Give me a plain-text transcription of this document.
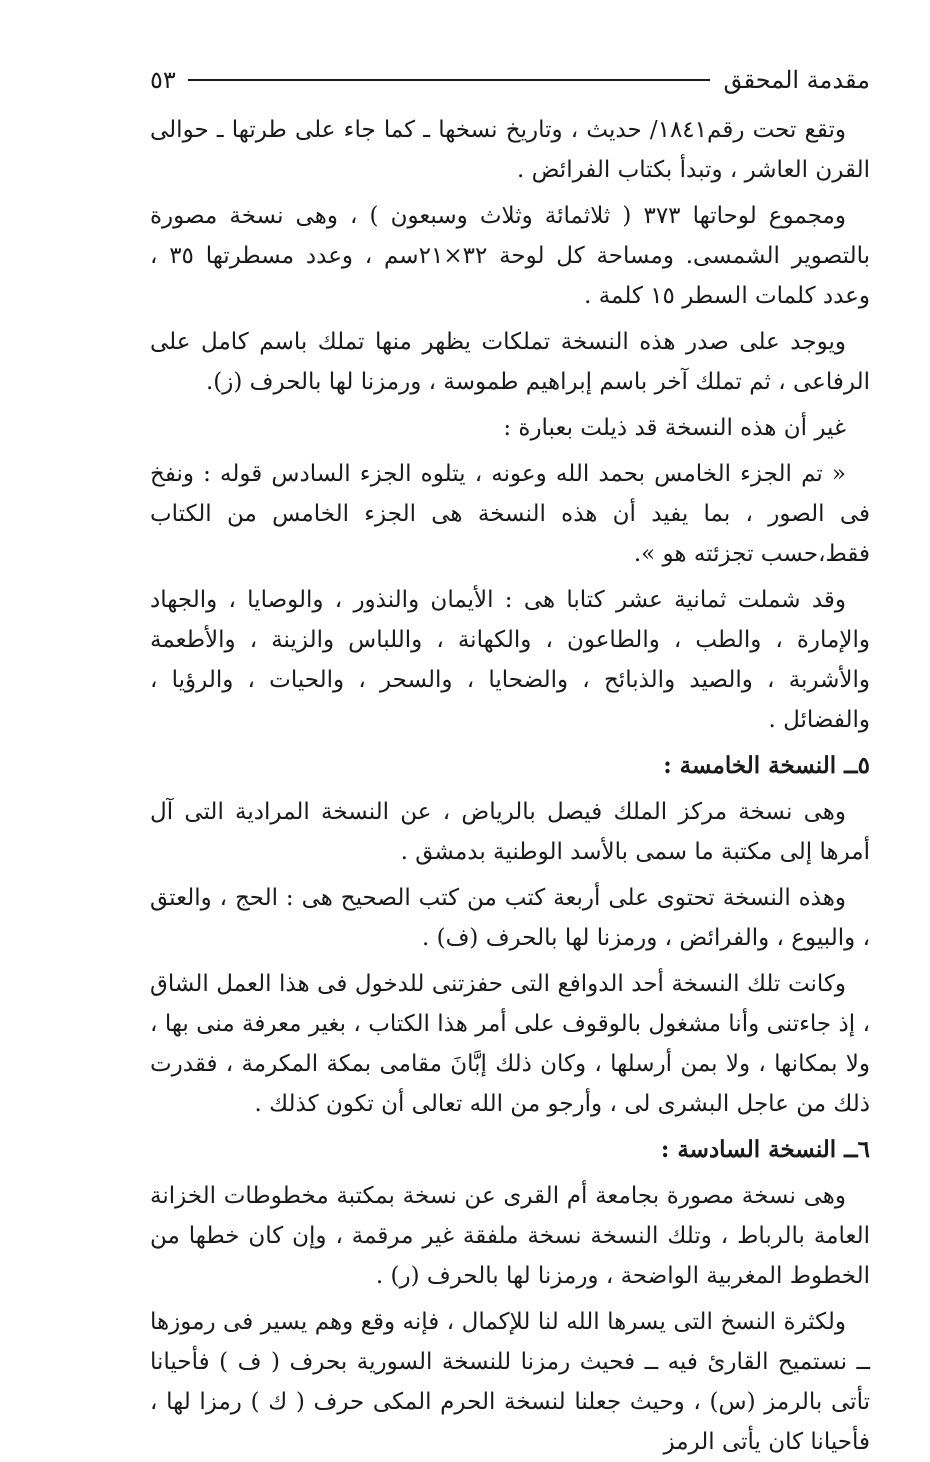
مقدمة المحقق
٥٣
وتقع تحت رقم١٨٤١/ حديث ، وتاريخ نسخها ـ كما جاء على طرتها ـ حوالى القرن العاشر ، وتبدأ بكتاب الفرائض .
ومجموع لوحاتها ٣٧٣ ( ثلاثمائة وثلاث وسبعون ) ، وهى نسخة مصورة بالتصوير الشمسى. ومساحة كل لوحة ٣٢×٢١سم ، وعدد مسطرتها ٣٥ ، وعدد كلمات السطر ١٥ كلمة .
ويوجد على صدر هذه النسخة تملكات يظهر منها تملك باسم كامل على الرفاعى ، ثم تملك آخر باسم إبراهيم طموسة ، ورمزنا لها بالحرف (ز).
غير أن هذه النسخة قد ذيلت بعبارة :
« تم الجزء الخامس بحمد الله وعونه ، يتلوه الجزء السادس قوله : ونفخ فى الصور ، بما يفيد أن هذه النسخة هى الجزء الخامس من الكتاب فقط،حسب تجزئته هو ».
وقد شملت ثمانية عشر كتابا هى : الأيمان والنذور ، والوصايا ، والجهاد والإمارة ، والطب ، والطاعون ، والكهانة ، واللباس والزينة ، والأطعمة والأشربة ، والصيد والذبائح ، والضحايا ، والسحر ، والحيات ، والرؤيا ، والفضائل .
٥ــ النسخة الخامسة :
وهى نسخة مركز الملك فيصل بالرياض ، عن النسخة المرادية التى آل أمرها إلى مكتبة ما سمى بالأسد الوطنية بدمشق .
وهذه النسخة تحتوى على أربعة كتب من كتب الصحيح هى : الحج ، والعتق ، والبيوع ، والفرائض ، ورمزنا لها بالحرف (ف) .
وكانت تلك النسخة أحد الدوافع التى حفزتنى للدخول فى هذا العمل الشاق ، إذ جاءتنى وأنا مشغول بالوقوف على أمر هذا الكتاب ، بغير معرفة منى بها ، ولا بمكانها ، ولا بمن أرسلها ، وكان ذلك إبَّانَ مقامى بمكة المكرمة ، فقدرت ذلك من عاجل البشرى لى ، وأرجو من الله تعالى أن تكون كذلك .
٦ــ النسخة السادسة :
وهى نسخة مصورة بجامعة أم القرى عن نسخة بمكتبة مخطوطات الخزانة العامة بالرباط ، وتلك النسخة نسخة ملفقة غير مرقمة ، وإن كان خطها من الخطوط المغربية الواضحة ، ورمزنا لها بالحرف (ر) .
ولكثرة النسخ التى يسرها الله لنا للإكمال ، فإنه وقع وهم يسير فى رموزها ــ نستميح القارئ فيه ــ فحيث رمزنا للنسخة السورية بحرف ( ف ) فأحيانا تأتى بالرمز (س) ، وحيث جعلنا لنسخة الحرم المكى حرف ( ك ) رمزا لها ، فأحيانا كان يأتى الرمز
